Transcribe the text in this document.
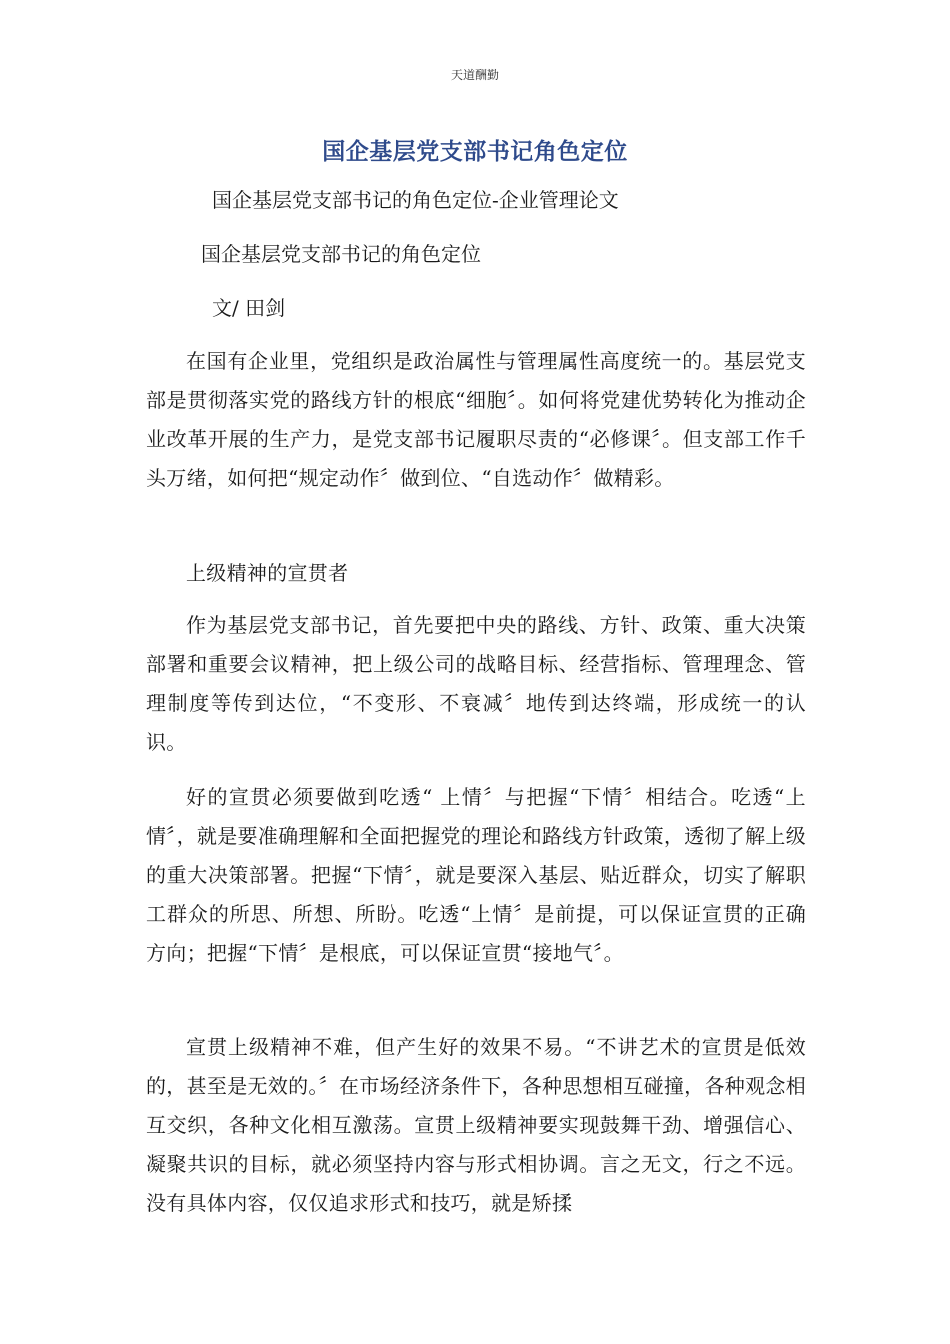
天道酬勤
国企基层党支部书记角色定位
国企基层党支部书记的角色定位-企业管理论文
国企基层党支部书记的角色定位
文/ 田剑
在国有企业里，党组织是政治属性与管理属性高度统一的。基层党支部是贯彻落实党的路线方针的根底“细胞〞。如何将党建优势转化为推动企业改革开展的生产力，是党支部书记履职尽责的“必修课〞。但支部工作千头万绪，如何把“规定动作〞做到位、“自选动作〞做精彩。
上级精神的宣贯者
作为基层党支部书记，首先要把中央的路线、方针、政策、重大决策部署和重要会议精神，把上级公司的战略目标、经营指标、管理理念、管理制度等传到达位，“不变形、不衰减〞地传到达终端，形成统一的认识。
好的宣贯必须要做到吃透“ 上情〞与把握“下情〞相结合。吃透“上情〞，就是要准确理解和全面把握党的理论和路线方针政策，透彻了解上级的重大决策部署。把握“下情〞，就是要深入基层、贴近群众，切实了解职工群众的所思、所想、所盼。吃透“上情〞是前提，可以保证宣贯的正确方向；把握“下情〞是根底，可以保证宣贯“接地气〞。
宣贯上级精神不难，但产生好的效果不易。“不讲艺术的宣贯是低效的，甚至是无效的。〞在市场经济条件下，各种思想相互碰撞，各种观念相互交织，各种文化相互激荡。宣贯上级精神要实现鼓舞干劲、增强信心、凝聚共识的目标，就必须坚持内容与形式相协调。言之无文，行之不远。没有具体内容，仅仅追求形式和技巧，就是矫揉
